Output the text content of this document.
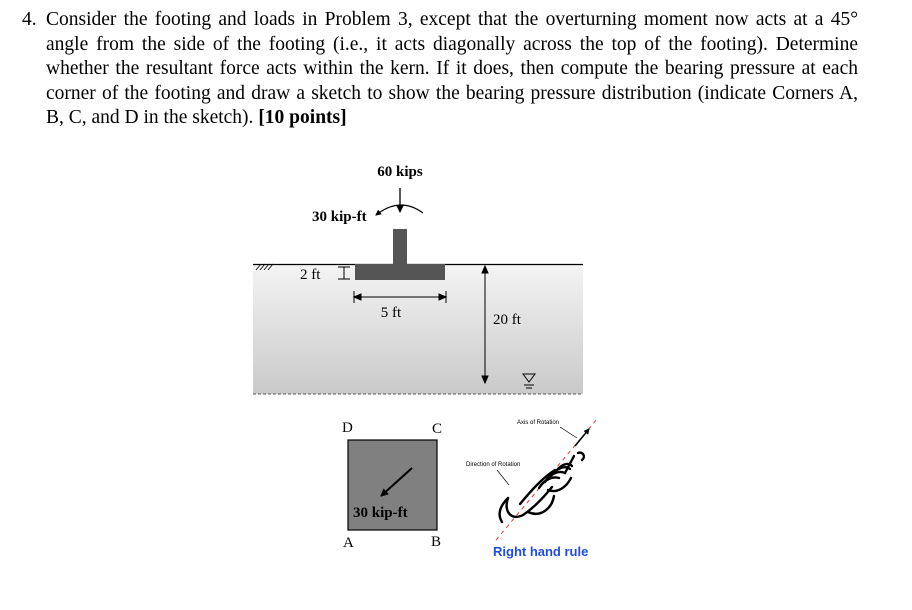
4. Consider the footing and loads in Problem 3, except that the overturning moment now acts at a 45° angle from the side of the footing (i.e., it acts diagonally across the top of the footing). Determine whether the resultant force acts within the kern. If it does, then compute the bearing pressure at each corner of the footing and draw a sketch to show the bearing pressure distribution (indicate Corners A, B, C, and D in the sketch). [10 points]
60 kips
30 kip-ft
2 ft
5 ft	20 ft
30 kip-ft
D	C
A	B
Axis of Rotation
Direction of Rotation
Right hand rule
